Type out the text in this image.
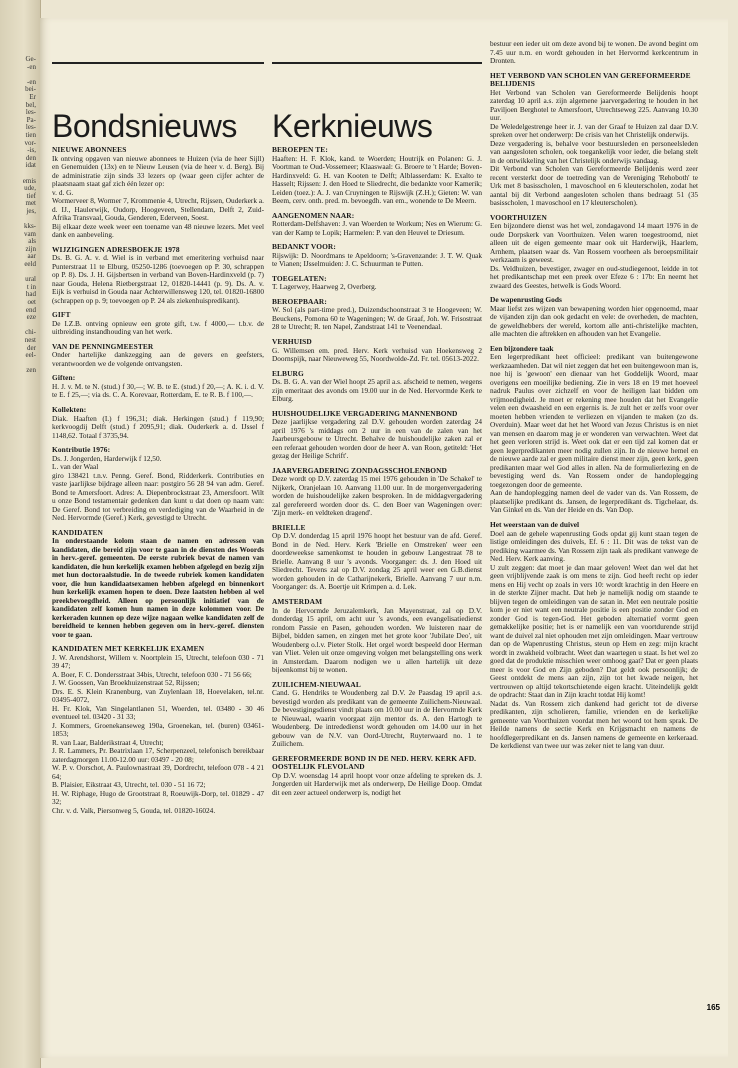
Ge-
-en

-en
bei-
Er
bel,
les-
Pa-
les-
tien
vor-
-is,
den
idat

emis
ude,
tief
met
jes,

kks-
vam
als
zijn
aar
eeld

ural
t in
had
oet
end
eze

chi-
nest
der
eel-

zen
Bondsnieuws Kerknieuws
NIEUWE ABONNEES

Ik ontving opgaven van nieuwe abonnees te Huizen (via de heer Sijll) en Genemuiden (13x) en te Nieuw Leusen (via de heer v. d. Berg). Bij de administratie zijn sinds 33 lezers op (waar geen cijfer achter de plaatsnaam staat gaf zich één lezer op:

v. d. G.

Wormerveer 8, Wormer 7, Krommenie 4, Utrecht, Rijssen, Ouderkerk a. d. IJ., Haulerwijk, Oudorp, Hoogeveen, Stellendam, Delft 2, Zuid-Afrika Transvaal, Gouda, Genderen, Ederveen, Soest.

Bij elkaar deze week weer een toename van 48 nieuwe lezers. Met veel dank en aanbeveling.

WIJZIGINGEN ADRESBOEKJE 1978

Ds. B. G. A. v. d. Wiel is in verband met emeritering verhuisd naar Punterstraat 11 te Elburg, 05250-1286 (toevoegen op P. 30, schrappen op P. 8). Ds. J. H. Gijsbertsen in verband van Boven-Hardinxveld (p. 7) naar Gouda, Helena Rietbergstraat 12, 01820-14441 (p. 9). Ds. A. v. Eijk is verhuisd in Gouda naar Achterwillensweg 120, tel. 01820-16800 (schrappen op p. 9; toevoegen op P. 24 als ziekenhuispredikant).

GIFT

De I.Z.B. ontving opnieuw een grote gift, t.w. f 4000,— t.b.v. de uitbreiding instandhouding van het werk.

VAN DE PENNINGMEESTER

Onder hartelijke dankzegging aan de gevers en geefsters, verantwoorden we de volgende ontvangsten.

Giften:

H. J. v. M. te N. (stud.) f 30,—; W. B. te E. (stud.) f 20,—; A. K. i. d. V. te E. f 25,—; via ds. C. A. Korevaar, Rotterdam, E. te R. B. f 100,—.

Kollekten:

Diak. Haaften (I.) f 196,31; diak. Herkingen (stud.) f 119,90; kerkvoogdij Delft (stud.) f 2095,91; diak. Ouderkerk a. d. IJssel f 1148,62. Totaal f 3735,94.

Kontributie 1976:

Ds. J. Jongerden, Harderwijk f 12,50.

L. van der Waal

giro 138421 t.n.v. Penng. Geref. Bond, Ridderkerk. Contributies en vaste jaarlijkse bijdrage alleen naar: postgiro 56 28 94 van adm. Geref. Bond te Amersfoort. Adres: A. Diepenbrockstraat 23, Amersfoort. Wilt u onze Bond testamentair gedenken dan kunt u dat doen op naam van: De Geref. Bond tot verbreiding en verdediging van de Waarheid in de Ned. Hervormde (Geref.) Kerk, gevestigd te Utrecht.

KANDIDATEN

In onderstaande kolom staan de namen en adressen van kandidaten, die bereid zijn voor te gaan in de diensten des Woords in herv.-geref. gemeenten. De eerste rubriek bevat de namen van kandidaten, die hun kerkelijk examen hebben afgelegd en bezig zijn met hun doctoraalstudie. In de tweede rubriek komen kandidaten voor, die hun kandidaatsexamen hebben afgelegd en binnenkort hun kerkelijk examen hopen te doen. Deze laatsten hebben al wel preekbevoegdheid. Alleen op persoonlijk initiatief van de kandidaten zelf komen hun namen in deze kolommen voor. De kerkeraden kunnen op deze wijze nagaan welke kandidaten zelf de bereidheid te kennen hebben gegeven om in herv.-geref. diensten voor te gaan.

KANDIDATEN MET KERKELIJK EXAMEN

J. W. Arendshorst, Willem v. Noortplein 15, Utrecht, telefoon 030 - 71 39 47;
A. Boer, F. C. Dondersstraat 34bis, Utrecht, telefoon 030 - 71 56 66;
J. W. Goossen, Van Broekhuizenstraat 52, Rijssen;
Drs. E. S. Klein Kranenburg, van Zuylenlaan 18, Hoevelaken, tel.nr. 03495-4072,
H. Fr. Klok, Van Singelantlanen 51, Woerden, tel. 03480 - 30 46 eventueel tel. 03420 - 31 33;
J. Kommers, Groenekanseweg 190a, Groenekan, tel. (buren) 03461-1853;
R. van Laar, Balderikstraat 4, Utrecht;
J. R. Lammers, Pr. Beatrixlaan 17, Scherpenzeel, telefonisch bereikbaar zaterdagmorgen 11.00-12.00 uur: 03497 - 20 08;
W. P. v. Oorschot, A. Paulownastraat 39, Dordrecht, telefoon 078 - 4 21 64;
B. Plaisier, Eikstraat 43, Utrecht, tel. 030 - 51 16 72;
H. W. Riphage, Hugo de Grootstraat 8, Roeuwijk-Dorp, tel. 01829 - 47 32;
Chr. v. d. Valk, Piersonweg 5, Gouda, tel. 01820-16024.

BEROEPEN TE:

Haaften: H. F. Klok, kand. te Woerden; Houtrijk en Polanen: G. J. Voortman te Oud-Vossemeer; Klaaswaal: G. Broere te 't Harde; Boven-Hardinxveld: G. H. van Kooten te Delft; Alblasserdam: K. Exalto te Hasselt; Rijssen: J. den Hoed te Sliedrecht, die bedankte voor Kamerik; Leiden (toez.): A. J. van Cruyningen te Rijswijk (Z.H.); Gieten: W. van Beem, cerv. onth. pred. m. bevoegdh. van em., wonende te De Meern.

AANGENOMEN NAAR:

Rotterdam-Delfshaven: J. van Woerden te Workum; Nes en Wierum: G. van der Kamp te Lopik; Harmelen: P. van den Heuvel te Driesum.

BEDANKT VOOR:

Rijswijk: D. Noordmans te Apeldoorn; 's-Gravenzande: J. T. W. Quak te Vianen; IJsselmuiden: J. C. Schuurman te Putten.

TOEGELATEN:

T. Lagerwey, Haarweg 2, Overberg.

BEROEPBAAR:

W. Sol (als part-time pred.), Duizendschoonstraat 3 te Hoogeveen; W. Beuckens, Pomona 60 te Wageningen; W. de Graaf, Joh. W. Frisostraat 28 te Utrecht; R. ten Napel, Zandstraat 141 te Veenendaal.

VERHUISD

G. Willemsen em. pred. Herv. Kerk verhuisd van Hoekensweg 2 Doornspijk, naar Nieuweweg 55, Noordwolde-Zd. Fr. tel. 05613-2022.

ELBURG

Ds. B. G. A. van der Wiel hoopt 25 april a.s. afscheid te nemen, wegens zijn emeritaat des avonds om 19.00 uur in de Ned. Hervormde Kerk te Elburg.

HUISHOUDELIJKE VERGADERING MANNENBOND

Deze jaarlijkse vergadering zal D.V. gehouden worden zaterdag 24 april 1976 's middags om 2 uur in een van de zalen van het Jaarbeursgebouw te Utrecht. Behalve de huishoudelijke zaken zal er een referaat gehouden worden door de heer A. van Roon, getiteld: 'Het gezag der Heilige Schrift'.

JAARVERGADERING ZONDAGSSCHOLENBOND

Deze wordt op D.V. zaterdag 15 mei 1976 gehouden in 'De Schakel' te Nijkerk, Oranjelaan 10. Aanvang 11.00 uur. In de morgenvergadering worden de huishoudelijke zaken besproken. In de middagvergadering zal gerefereerd worden door ds. C. den Boer van Wageningen over: 'Zijn merk- en veldteken dragend'.

BRIELLE

Op D.V. donderdag 15 april 1976 hoopt het bestuur van de afd. Geref. Bond in de Ned. Herv. Kerk 'Brielle en Omstreken' weer een doordeweekse samenkomst te houden in gebouw Langestraat 78 te Brielle. Aanvang 8 uur 's avonds. Voorganger: ds. J. den Hoed uit Sliedrecht. Tevens zal op D.V. zondag 25 april weer een G.B.dienst worden gehouden in de Catharijnekerk, Brielle. Aanvang 7 uur n.m. Voorganger: ds. A. Boertje uit Krimpen a. d. Lek.

AMSTERDAM

In de Hervormde Jeruzalemkerk, Jan Mayenstraat, zal op D.V. donderdag 15 april, om acht uur 's avonds, een evangelisatiedienst rondom Passie en Pasen, gehouden worden. We luisteren naar de Bijbel, bidden samen, en zingen met het grote koor 'Jubilate Deo', uit Woudenberg o.l.v. Pieter Stolk. Het orgel wordt bespeeld door Herman van Vliet. Velen uit onze omgeving volgen met belangstelling ons werk in Amsterdam. Daarom nodigen we u allen hartelijk uit deze bijeenkomst bij te wonen.

ZUILICHEM-NIEUWAAL

Cand. G. Hendriks te Woudenberg zal D.V. 2e Paasdag 19 april a.s. bevestigd worden als predikant van de gemeente Zuilichem-Nieuwaal. De bevestigingsdienst vindt plaats om 10.00 uur in de Hervormde Kerk te Nieuwaal, waarin voorgaat zijn mentor ds. A. den Hartogh te Woudenberg. De intrededienst wordt gehouden om 14.00 uur in het gebouw van de N.V. van Oord-Utrecht, Ruyterwaard no. 1 te Zuilichem.

GEREFORMEERDE BOND IN DE NED. HERV. KERK AFD. OOSTELIJK FLEVOLAND

Op D.V. woensdag 14 april hoopt voor onze afdeling te spreken ds. J. Jongerden uit Harderwijk met als onderwerp, De Heilige Doop. Omdat dit een zeer actueel onderwerp is, nodigt het

bestuur een ieder uit om deze avond bij te wonen. De avond begint om 7.45 uur n.m. en wordt gehouden in het Hervormd kerkcentrum in Dronten.

HET VERBOND VAN SCHOLEN VAN GEREFORMEERDE BELIJDENIS

Het Verbond van Scholen van Gereformeerde Belijdenis hoopt zaterdag 10 april a.s. zijn algemene jaarvergadering te houden in het Paviljoen Berghotel te Amersfoort, Utrechtseweg 225. Aanvang 10.30 uur.

De Weledelgestrenge heer ir. J. van der Graaf te Huizen zal daar D.V. spreken over het onderwerp: De crisis van het Christelijk onderwijs.

Deze vergadering is, behalve voor bestuursleden en personeelsleden van aangesloten scholen, ook toegankelijk voor ieder, die belang stelt in de ontwikkeling van het Christelijk onderwijs vandaag.
Dit Verbond van Scholen van Gereformeerde Belijdenis werd zeer recent versterkt door de toetreding van de Vereniging 'Rehoboth' te Urk met 8 basisscholen, 1 mavoschool en 6 kleuterscholen, zodat het aantal bij dit Verbond aangesloten scholen thans bedraagt 51 (35 basisscholen, 1 mavoschool en 17 kleuterscholen).

VOORTHUIZEN

Een bijzondere dienst was het wel, zondagavond 14 maart 1976 in de oude Dorpskerk van Voorthuizen. Velen waren toegestroomd, niet alleen uit de eigen gemeente maar ook uit Harderwijk, Haarlem, Arnhem, plaatsen waar ds. Van Rossem voorheen als beroepsmilitair werkzaam is geweest.
Ds. Veldhuizen, bevestiger, zwager en oud-studiegenoot, leidde in tot het predikantschap met een preek over Efeze 6 : 17b: En neemt het zwaard des Geestes, hetwelk is Gods Woord.

De wapenrusting Gods

Maar liefst zes wijzen van bewapening worden hier opgenoemd, maar de vijanden zijn dan ook gedacht en vele: de overheden, de machten, de geweldhebbers der wereld, kortom alle anti-christelijke machten, alle machten die aftrekken en afhouden van het Evangelie.

Een bijzondere taak

Een legerpredikant heet officieel: predikant van buitengewone werkzaamheden. Dat wil niet zeggen dat het een buitengewoon man is, noe hij is 'gewoon' een dienaar van het Goddelijk Woord, maar overigens een moeilijke bediening. Zie in vers 18 en 19 met hoeveel nadruk Paulus over zichzelf en voor de heiligen laat bidden om vrijmoedigheid. Je moet er rekening mee houden dat het Evangelie velen een dwaasheid en een ergernis is. Je zult het er zelfs voor over moeten hebben vrienden te verliezen en vijanden te maken (zo ds. Overduin). Maar weet dat het het Woord van Jezus Christus is en niet van mensen en daarom mag je er wonderen van verwachten. Weet dat het geen verloren strijd is. Weet ook dat er een tijd zal komen dat er geen legerpredikanten meer nodig zullen zijn. In de nieuwe hemel en de nieuwe aarde zal er geen militaire dienst meer zijn, geen kerk, geen predikanten maar wel God alles in allen. Na de formulierlezing en de bevestiging werd ds. Van Rossem onder de handoplegging toegezongen door de gemeente.
Aan de handoplegging namen deel de vader van ds. Van Rossem, de plaatselijke predikant ds. Jansen, de legerpredikant ds. Tigchelaar, ds. Van Ginkel en ds. Van der Heide en ds. Van Dop.

Het weerstaan van de duivel

Doel aan de gehele wapenrusting Gods opdat gij kunt staan tegen de listige omleidingen des duivels, Ef. 6 : 11. Dit was de tekst van de prediking waarmee ds. Van Rossem zijn taak als predikant vanwege de Ned. Herv. Kerk aanving.
U zult zeggen: dat moet je dan maar geloven! Weet dan wel dat het geen vrijblijvende zaak is om mens te zijn. God heeft recht op ieder mens en Hij vecht op zoals in vers 10: wordt krachtig in den Heere en in de sterkte Zijner macht. Dat heb je namelijk nodig om staande te blijven tegen de omleidingen van de satan in. Met een neutrale positie kom je er niet want een neutrale positie is een positie zonder God en zonder God is tegen-God. Het geboden alternatief vormt geen gemakkelijke positie; het is er namelijk een van voortdurende strijd want de duivel zal niet ophouden met zijn omleidingen. Maar vertrouw dan op de Wapenrusting Christus, steun op Hem en zeg: mijn kracht wordt in zwakheid volbracht. Weet dan waartegen u staat. Is het wel zo goed dat de produktie misschien weer omhoog gaat? Dat er geen plaats meer is voor God en Zijn geboden? Dat geldt ook persoonlijk; de Geest ontdekt de mens aan zijn, zijn tot het kwade neigen, het vertrouwen op altijd tekortschietende eigen kracht. Uiteindelijk geldt de opdracht: Staat dan in Zijn kracht totdat Hij komt!
Nadat ds. Van Rossem zich dankend had gericht tot de diverse predikanten, zijn scholieren, familie, vrienden en de kerkelijke gemeente van Voorthuizen voordat men het woord tot hem sprak. De Heilde namens de sectie Kerk en Krijgsmacht en namens de hoofdlegerpredikant en ds. Jansen namens de gemeente en kerkeraad. De kerkdienst van twee uur was zeker niet te lang van duur.

165
